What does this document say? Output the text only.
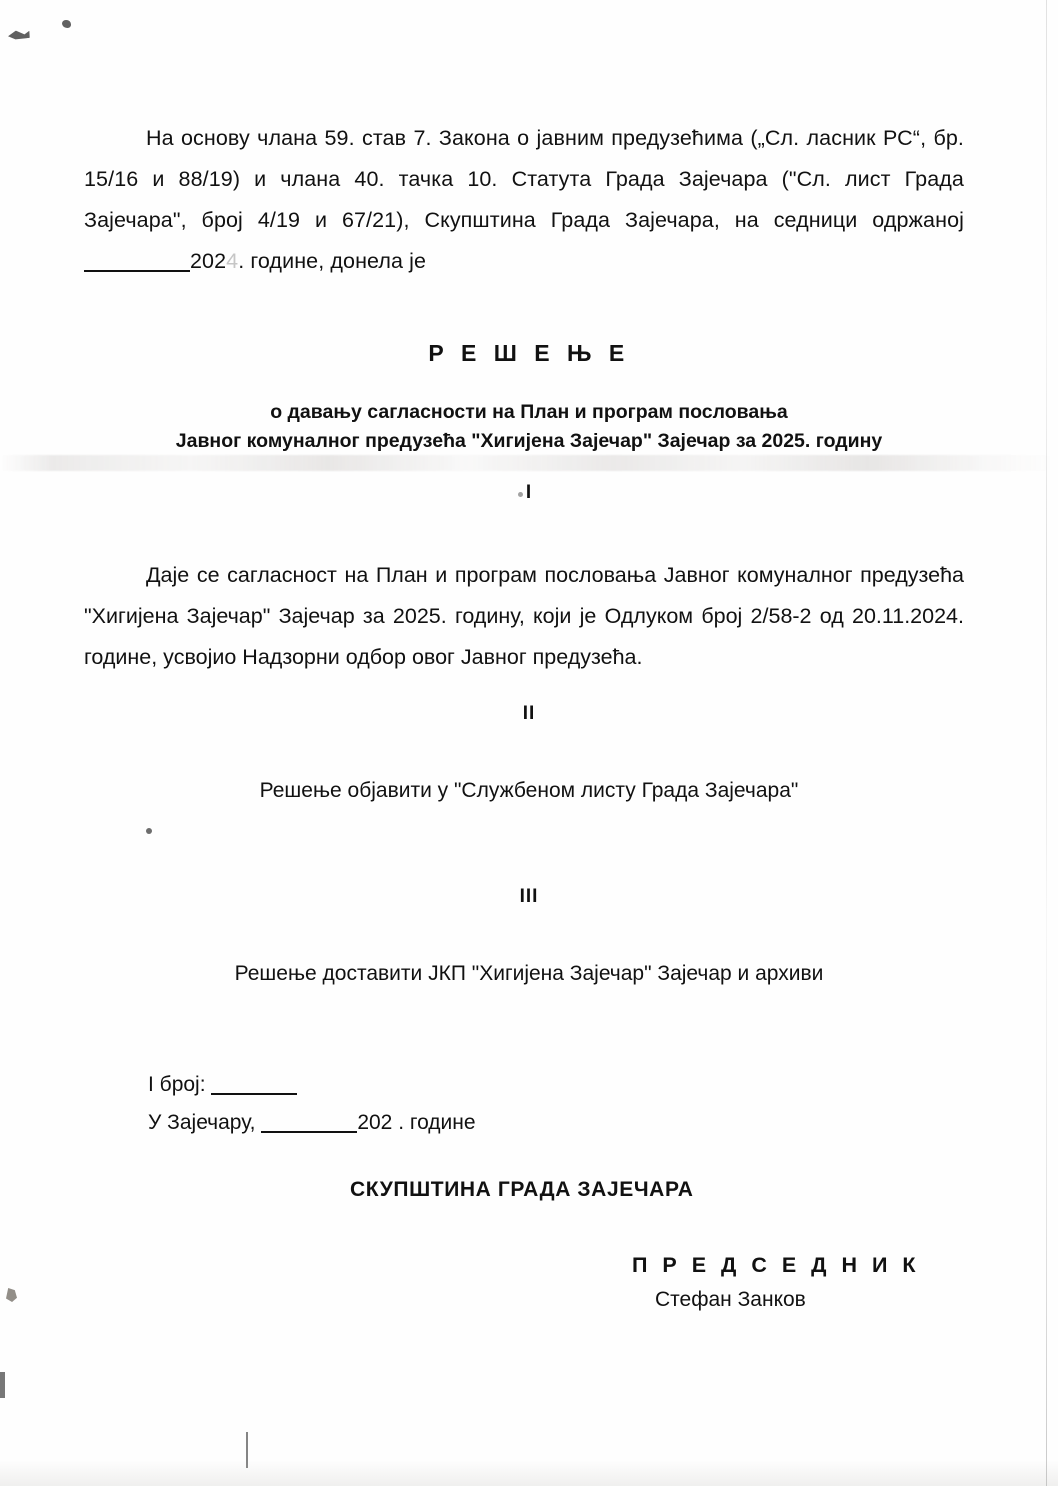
На основу члана 59. став 7. Закона о јавним предузећима („Сл. ласник РС“, бр. 15/16 и 88/19) и члана 40. тачка 10. Статута Града Зајечара ("Сл. лист Града Зајечара", број 4/19 и 67/21), Скупштина Града Зајечара, на седници одржаној 2024. године, донела је
Р Е Ш Е Њ Е
о давању сагласности на План и програм пословања
Јавног комуналног предузећа "Хигијена Зајечар" Зајечар за 2025. годину
I
Даје се сагласност на План и програм пословања Јавног комуналног предузећа "Хигијена Зајечар" Зајечар за 2025. годину, који је Одлуком број 2/58-2 од 20.11.2024. године, усвојио Надзорни одбор овог Јавног предузећа.
II
Решење објавити у "Службеном листу Града Зајечара"
III
Решење доставити ЈКП "Хигијена Зајечар" Зајечар и архиви
I број:
У Зајечару,	202 . године
СКУПШТИНА ГРАДА ЗАЈЕЧАРА
П Р Е Д С Е Д Н И К
Стефан Занков
